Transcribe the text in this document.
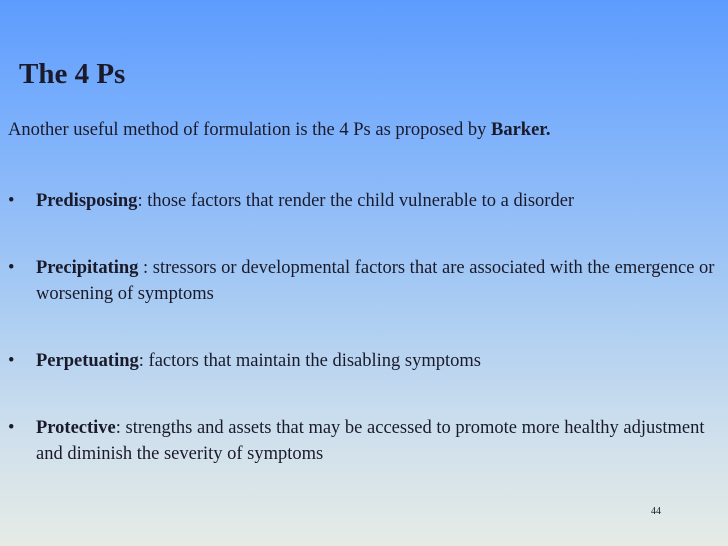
The 4 Ps

Another useful method of formulation is the 4 Ps as proposed by Barker.

• Predisposing: those factors that render the child vulnerable to a disorder
• Precipitating : stressors or developmental factors that are associated with the emergence or worsening of symptoms
• Perpetuating: factors that maintain the disabling symptoms
• Protective: strengths and assets that may be accessed to promote more healthy adjustment and diminish the severity of symptoms
44
